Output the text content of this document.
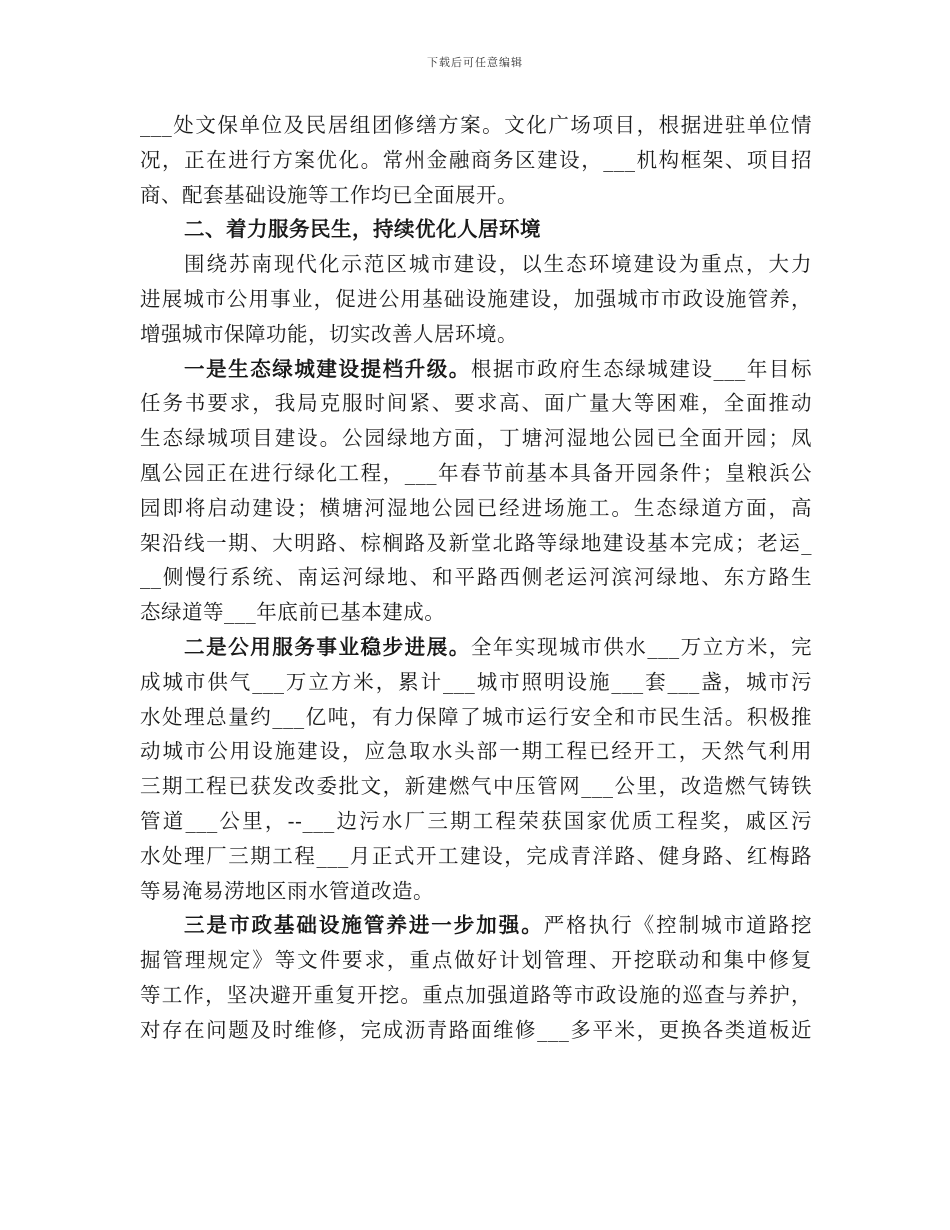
下载后可任意编辑
___处文保单位及民居组团修缮方案。文化广场项目，根据进驻单位情
况，正在进行方案优化。常州金融商务区建设，___机构框架、项目招
商、配套基础设施等工作均已全面展开。
二、着力服务民生，持续优化人居环境
围绕苏南现代化示范区城市建设，以生态环境建设为重点，大力
进展城市公用事业，促进公用基础设施建设，加强城市市政设施管养，
增强城市保障功能，切实改善人居环境。
一是生态绿城建设提档升级。根据市政府生态绿城建设___年目标
任务书要求，我局克服时间紧、要求高、面广量大等困难，全面推动
生态绿城项目建设。公园绿地方面，丁塘河湿地公园已全面开园；凤
凰公园正在进行绿化工程，___年春节前基本具备开园条件；皇粮浜公
园即将启动建设；横塘河湿地公园已经进场施工。生态绿道方面，高
架沿线一期、大明路、棕榈路及新堂北路等绿地建设基本完成；老运_
__侧慢行系统、南运河绿地、和平路西侧老运河滨河绿地、东方路生
态绿道等___年底前已基本建成。
二是公用服务事业稳步进展。全年实现城市供水___万立方米，完
成城市供气___万立方米，累计___城市照明设施___套___盏，城市污
水处理总量约___亿吨，有力保障了城市运行安全和市民生活。积极推
动城市公用设施建设，应急取水头部一期工程已经开工，天然气利用
三期工程已获发改委批文，新建燃气中压管网___公里，改造燃气铸铁
管道___公里，--___边污水厂三期工程荣获国家优质工程奖，戚区污
水处理厂三期工程___月正式开工建设，完成青洋路、健身路、红梅路
等易淹易涝地区雨水管道改造。
三是市政基础设施管养进一步加强。严格执行《控制城市道路挖
掘管理规定》等文件要求，重点做好计划管理、开挖联动和集中修复
等工作，坚决避开重复开挖。重点加强道路等市政设施的巡查与养护，
对存在问题及时维修，完成沥青路面维修___多平米，更换各类道板近
